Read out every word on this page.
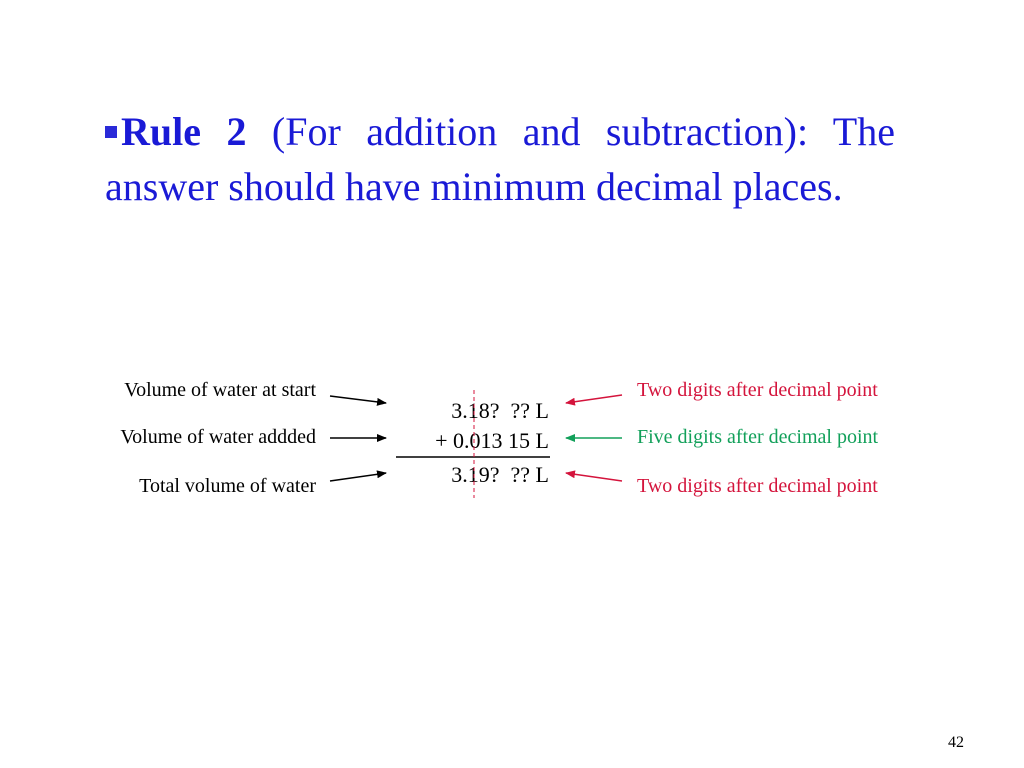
Rule 2 (For addition and subtraction): The answer should have minimum decimal places.
Volume of water at start
Volume of water addded
Total volume of water
3.18?  ?? L
+ 0.013 15 L
3.19?  ?? L
Two digits after decimal point
Five digits after decimal point
Two digits after decimal point
42
